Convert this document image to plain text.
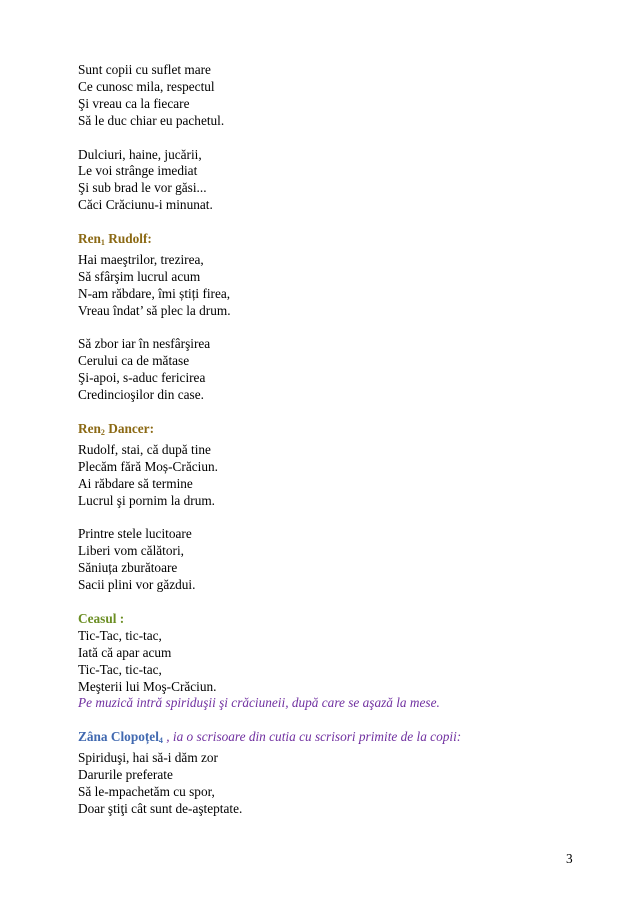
Sunt copii cu suflet mare
Ce cunosc mila, respectul
Şi vreau ca la fiecare
Să le duc chiar eu pachetul.
Dulciuri, haine, jucării,
Le voi strânge imediat
Şi sub brad le vor găsi...
Căci Crăciunu-i minunat.
Ren$_1$ Rudolf:
Hai maeştrilor, trezirea,
Să sfârşim lucrul acum
N-am răbdare, îmi știți firea,
Vreau îndat’ să plec la drum.
Să zbor iar în nesfârşirea
Cerului ca de mătase
Şi-apoi, s-aduc fericirea
Credincioşilor din case.
Ren$_2$ Dancer:
Rudolf, stai, că după tine
Plecăm fără Moș-Crăciun.
Ai răbdare să termine
Lucrul şi pornim la drum.
Printre stele lucitoare
Liberi vom călători,
Săniuța zburătoare
Sacii plini vor găzdui.
Ceasul :
Tic-Tac, tic-tac,
Iată că apar acum
Tic-Tac, tic-tac,
Meşterii lui Moş-Crăciun.
Pe muzică intră spiriduşii şi crăciuneii, după care se aşază la mese.
Zâna Clopoțel$_4$ , ia o scrisoare din cutia cu scrisori primite de la copii:
Spiriduşi, hai să-i dăm zor
Darurile preferate
Să le-mpachetăm cu spor,
Doar ştiţi cât sunt de-aşteptate.
3
